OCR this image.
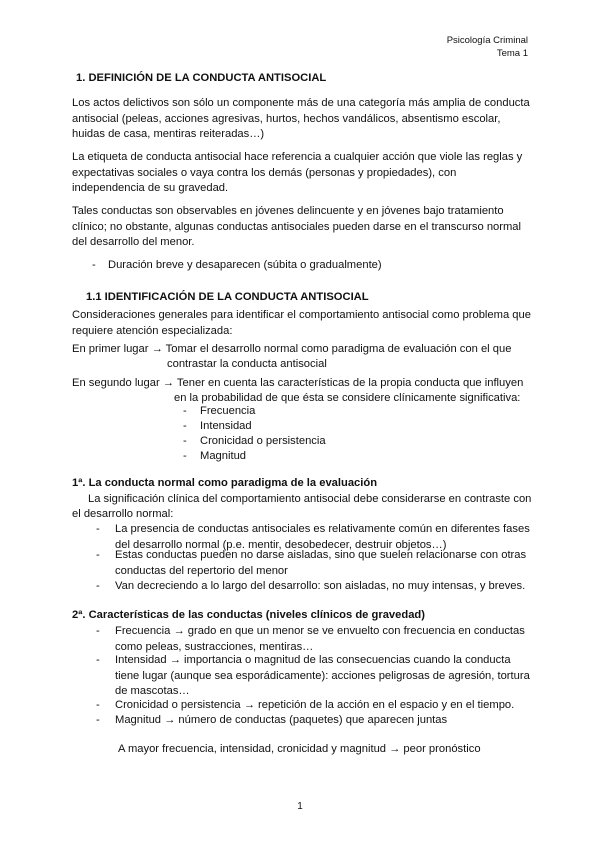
Psicología Criminal
Tema 1
1. DEFINICIÓN DE LA CONDUCTA ANTISOCIAL
Los actos delictivos son sólo un componente más de una categoría más amplia de conducta
antisocial (peleas, acciones agresivas, hurtos, hechos vandálicos, absentismo escolar,
huidas de casa, mentiras reiteradas…)
La etiqueta de conducta antisocial hace referencia a cualquier acción que viole las reglas y
expectativas sociales o vaya contra los demás (personas y propiedades), con
independencia de su gravedad.
Tales conductas son observables en jóvenes delincuente y en jóvenes bajo tratamiento
clínico; no obstante, algunas conductas antisociales pueden darse en el transcurso normal
del desarrollo del menor.
- Duración breve y desaparecen (súbita o gradualmente)
1.1 IDENTIFICACIÓN DE LA CONDUCTA ANTISOCIAL
Consideraciones generales para identificar el comportamiento antisocial como problema que
requiere atención especializada:
En primer lugar → Tomar el desarrollo normal como paradigma de evaluación con el que
contrastar la conducta antisocial
En segundo lugar → Tener en cuenta las características de la propia conducta que influyen
en la probabilidad de que ésta se considere clínicamente significativa:
- Frecuencia
- Intensidad
- Cronicidad o persistencia
- Magnitud
1ª. La conducta normal como paradigma de la evaluación
La significación clínica del comportamiento antisocial debe considerarse en contraste con
el desarrollo normal:
- La presencia de conductas antisociales es relativamente común en diferentes fases
del desarrollo normal (p.e. mentir, desobedecer, destruir objetos…)
- Estas conductas pueden no darse aisladas, sino que suelen relacionarse con otras
conductas del repertorio del menor
- Van decreciendo a lo largo del desarrollo: son aisladas, no muy intensas, y breves.
2ª. Características de las conductas (niveles clínicos de gravedad)
- Frecuencia → grado en que un menor se ve envuelto con frecuencia en conductas
como peleas, sustracciones, mentiras…
- Intensidad → importancia o magnitud de las consecuencias cuando la conducta
tiene lugar (aunque sea esporádicamente): acciones peligrosas de agresión, tortura
de mascotas…
- Cronicidad o persistencia → repetición de la acción en el espacio y en el tiempo.
- Magnitud → número de conductas (paquetes) que aparecen juntas
A mayor frecuencia, intensidad, cronicidad y magnitud → peor pronóstico
1
